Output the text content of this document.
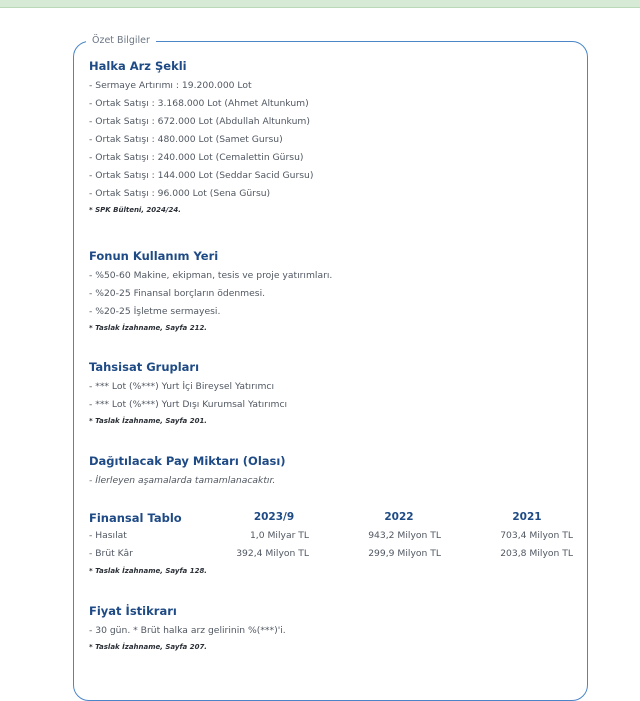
Özet Bilgiler
Halka Arz Şekli
- Sermaye Artırımı : 19.200.000 Lot
- Ortak Satışı : 3.168.000 Lot (Ahmet Altunkum)
- Ortak Satışı : 672.000 Lot (Abdullah Altunkum)
- Ortak Satışı : 480.000 Lot (Samet Gursu)
- Ortak Satışı : 240.000 Lot (Cemalettin Gürsu)
- Ortak Satışı : 144.000 Lot (Seddar Sacid Gursu)
- Ortak Satışı : 96.000 Lot (Sena Gürsu)
* SPK Bülteni, 2024/24.
Fonun Kullanım Yeri
- %50-60 Makine, ekipman, tesis ve proje yatırımları.
- %20-25 Finansal borçların ödenmesi.
- %20-25 İşletme sermayesi.
* Taslak İzahname, Sayfa 212.
Tahsisat Grupları
- *** Lot (%***) Yurt İçi Bireysel Yatırımcı
- *** Lot (%***) Yurt Dışı Kurumsal Yatırımcı
* Taslak İzahname, Sayfa 201.
Dağıtılacak Pay Miktarı (Olası)
- İlerleyen aşamalarda tamamlanacaktır.
Finansal Tablo	2023/9	2022	2021
- Hasılat	1,0 Milyar TL	943,2 Milyon TL	703,4 Milyon TL
- Brüt Kâr	392,4 Milyon TL	299,9 Milyon TL	203,8 Milyon TL
* Taslak İzahname, Sayfa 128.
Fiyat İstikrarı
- 30 gün. * Brüt halka arz gelirinin %(***)'i.
* Taslak İzahname, Sayfa 207.
